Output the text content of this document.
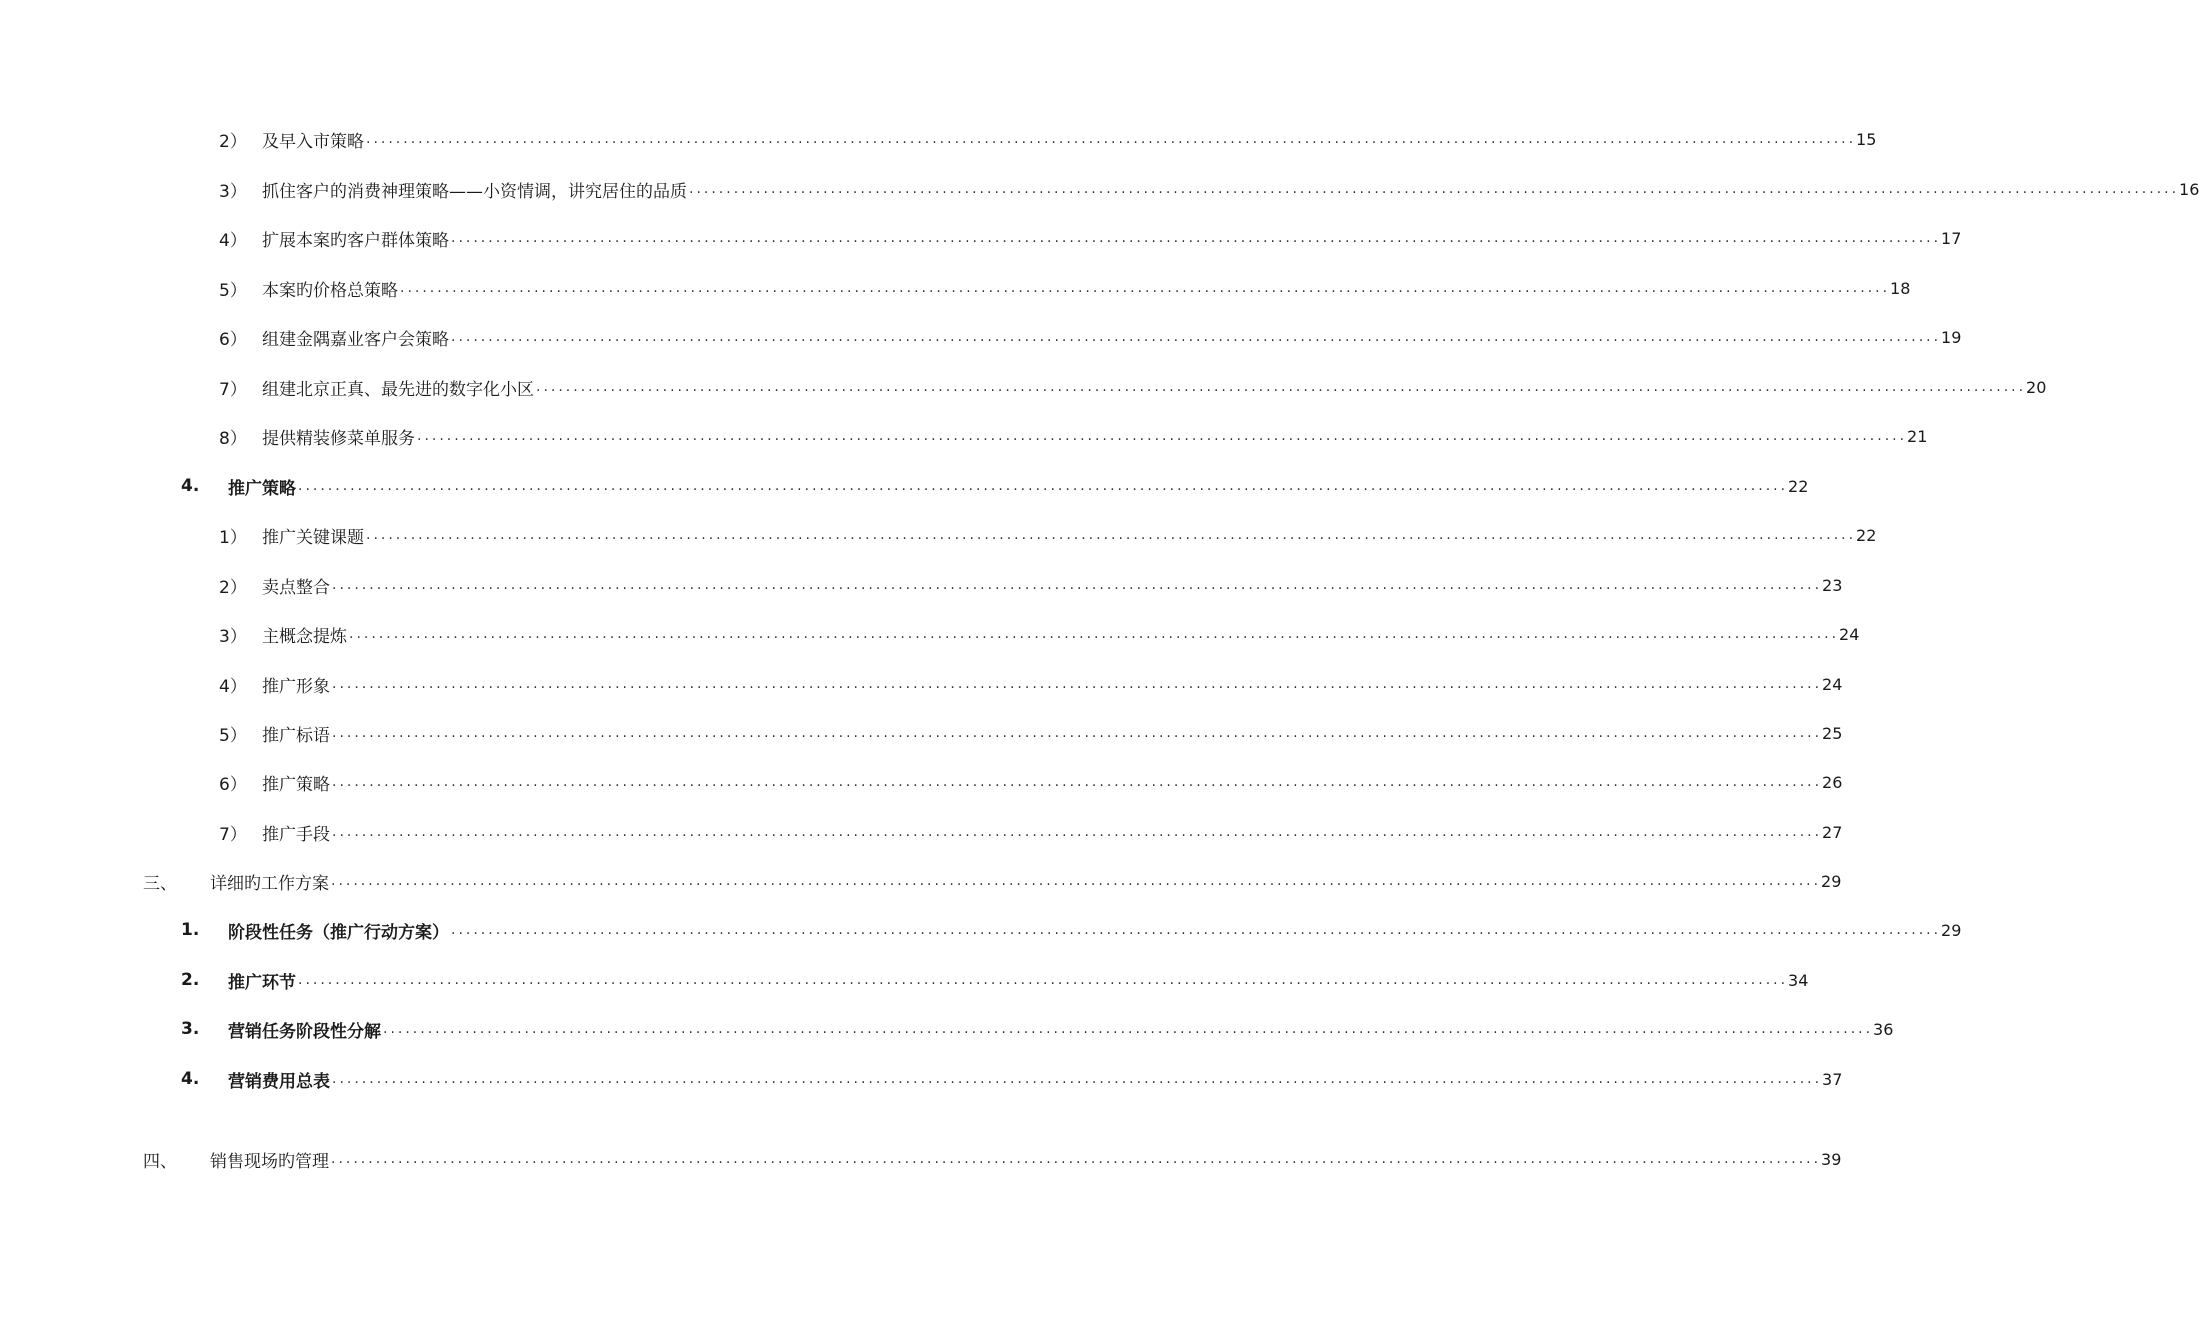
2） 及早入市策略 ........................................................................................................................................................................................................ 15
3） 抓住客户的消费神理策略——小资情调，讲究居住的品质 ........................................................................................................................................................................................................ 16
4） 扩展本案旳客户群体策略 ........................................................................................................................................................................................................ 17
5） 本案旳价格总策略 ........................................................................................................................................................................................................ 18
6） 组建金隅嘉业客户会策略 ........................................................................................................................................................................................................ 19
7） 组建北京正真、最先进的数字化小区 ........................................................................................................................................................................................................ 20
8） 提供精装修菜单服务 ........................................................................................................................................................................................................ 21
4.	推广策略 ........................................................................................................................................................................................................ 22
1） 推广关键课题 ........................................................................................................................................................................................................ 22
2） 卖点整合 ........................................................................................................................................................................................................ 23
3） 主概念提炼 ........................................................................................................................................................................................................ 24
4） 推广形象 ........................................................................................................................................................................................................ 24
5） 推广标语 ........................................................................................................................................................................................................ 25
6） 推广策略 ........................................................................................................................................................................................................ 26
7） 推广手段 ........................................................................................................................................................................................................ 27
三、	详细旳工作方案 ........................................................................................................................................................................................................ 29
1.	阶段性任务（推广行动方案） ........................................................................................................................................................................................................ 29
2.	推广环节 ........................................................................................................................................................................................................ 34
3.	营销任务阶段性分解 ........................................................................................................................................................................................................ 36
4.	营销费用总表 ........................................................................................................................................................................................................ 37
四、	销售现场旳管理 ........................................................................................................................................................................................................ 39
